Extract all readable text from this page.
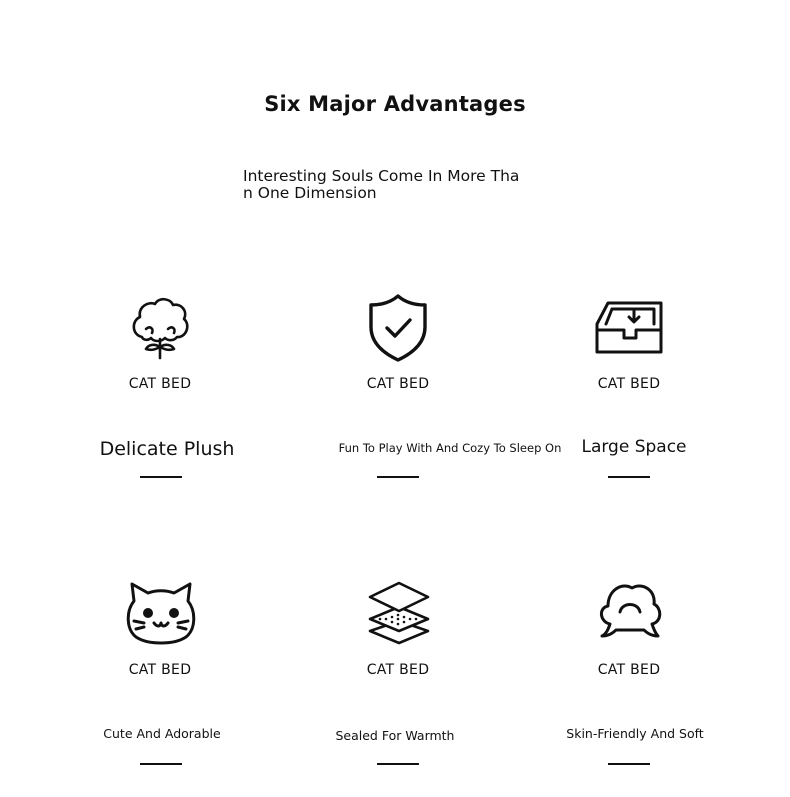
Six Major Advantages
Interesting Souls Come In More Than One Dimension
CAT BED
Delicate Plush
CAT BED
Fun To Play With And Cozy To Sleep On
CAT BED
Large Space
CAT BED
Cute And Adorable
CAT BED
Sealed For Warmth
CAT BED
Skin-Friendly And Soft
